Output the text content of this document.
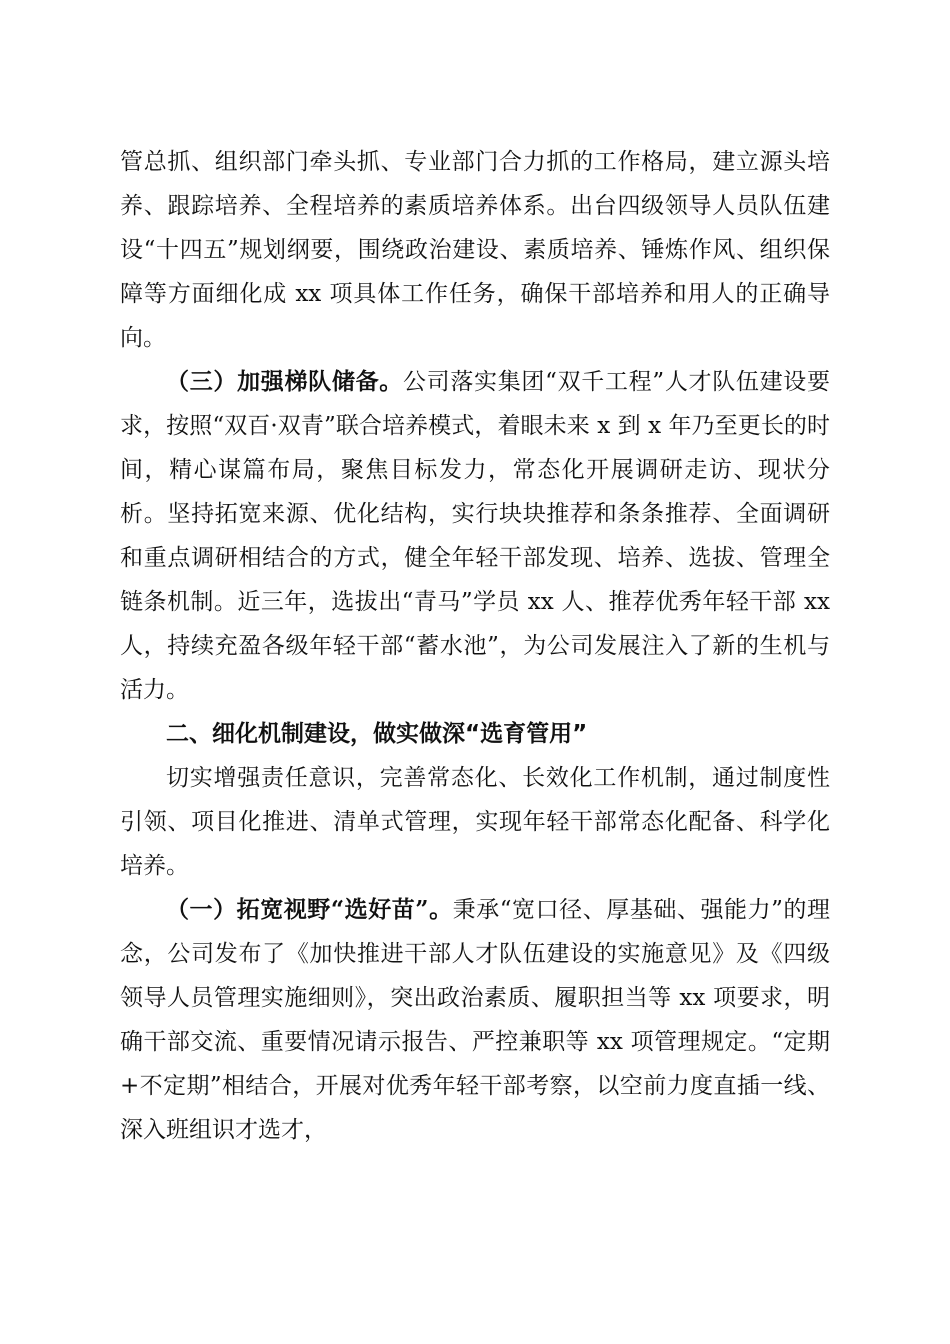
管总抓、组织部门牵头抓、专业部门合力抓的工作格局，建立源头培养、跟踪培养、全程培养的素质培养体系。出台四级领导人员队伍建设“十四五”规划纲要，围绕政治建设、素质培养、锤炼作风、组织保障等方面细化成 xx 项具体工作任务，确保干部培养和用人的正确导向。

（三）加强梯队储备。公司落实集团“双千工程”人才队伍建设要求，按照“双百·双青”联合培养模式，着眼未来 x 到 x 年乃至更长的时间，精心谋篇布局，聚焦目标发力，常态化开展调研走访、现状分析。坚持拓宽来源、优化结构，实行块块推荐和条条推荐、全面调研和重点调研相结合的方式，健全年轻干部发现、培养、选拔、管理全链条机制。近三年，选拔出“青马”学员 xx 人、推荐优秀年轻干部 xx 人，持续充盈各级年轻干部“蓄水池”，为公司发展注入了新的生机与活力。

二、细化机制建设，做实做深“选育管用”

切实增强责任意识，完善常态化、长效化工作机制，通过制度性引领、项目化推进、清单式管理，实现年轻干部常态化配备、科学化培养。

（一）拓宽视野“选好苗”。秉承“宽口径、厚基础、强能力”的理念，公司发布了《加快推进干部人才队伍建设的实施意见》及《四级领导人员管理实施细则》，突出政治素质、履职担当等 xx 项要求，明确干部交流、重要情况请示报告、严控兼职等 xx 项管理规定。“定期+不定期”相结合，开展对优秀年轻干部考察，以空前力度直插一线、深入班组识才选才，
